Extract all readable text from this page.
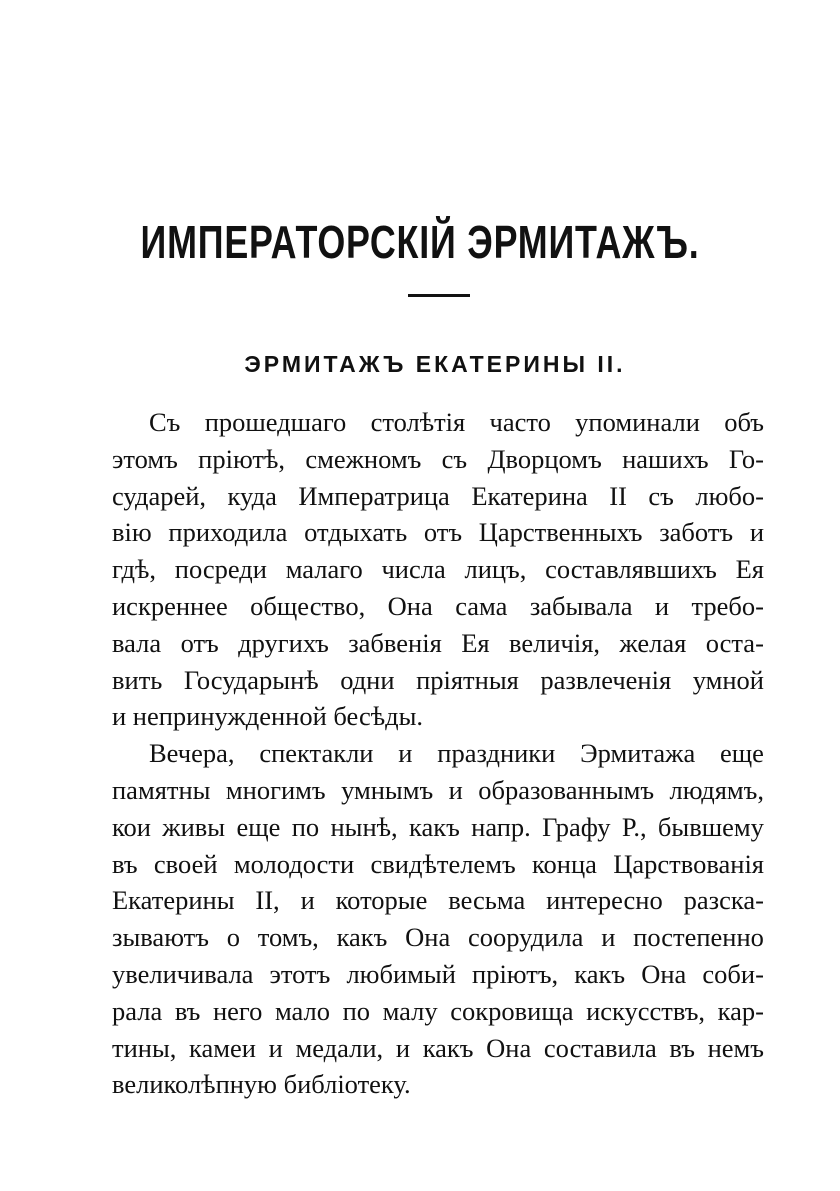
ИМПЕРАТОРСКІЙ ЭРМИТАЖЪ.
ЭРМИТАЖЪ ЕКАТЕРИНЫ II.
Съ прошедшаго столѣтія часто упоминали объ
этомъ пріютѣ, смежномъ съ Дворцомъ нашихъ Го-
сударей, куда Императрица Екатерина II съ любо-
вію приходила отдыхать отъ Царственныхъ заботъ и
гдѣ, посреди малаго числа лицъ, составлявшихъ Ея
искреннее общество, Она сама забывала и требо-
вала отъ другихъ забвенія Ея величія, желая оста-
вить Государынѣ одни пріятныя развлеченія умной
и непринужденной бесѣды.
Вечера, спектакли и праздники Эрмитажа еще
памятны многимъ умнымъ и образованнымъ людямъ,
кои живы еще по нынѣ, какъ напр. Графу Р., бывшему
въ своей молодости свидѣтелемъ конца Царствованія
Екатерины II, и которые весьма интересно разска-
зываютъ о томъ, какъ Она соорудила и постепенно
увеличивала этотъ любимый пріютъ, какъ Она соби-
рала въ него мало по малу сокровища искусствъ, кар-
тины, камеи и медали, и какъ Она составила въ немъ
великолѣпную библіотеку.
